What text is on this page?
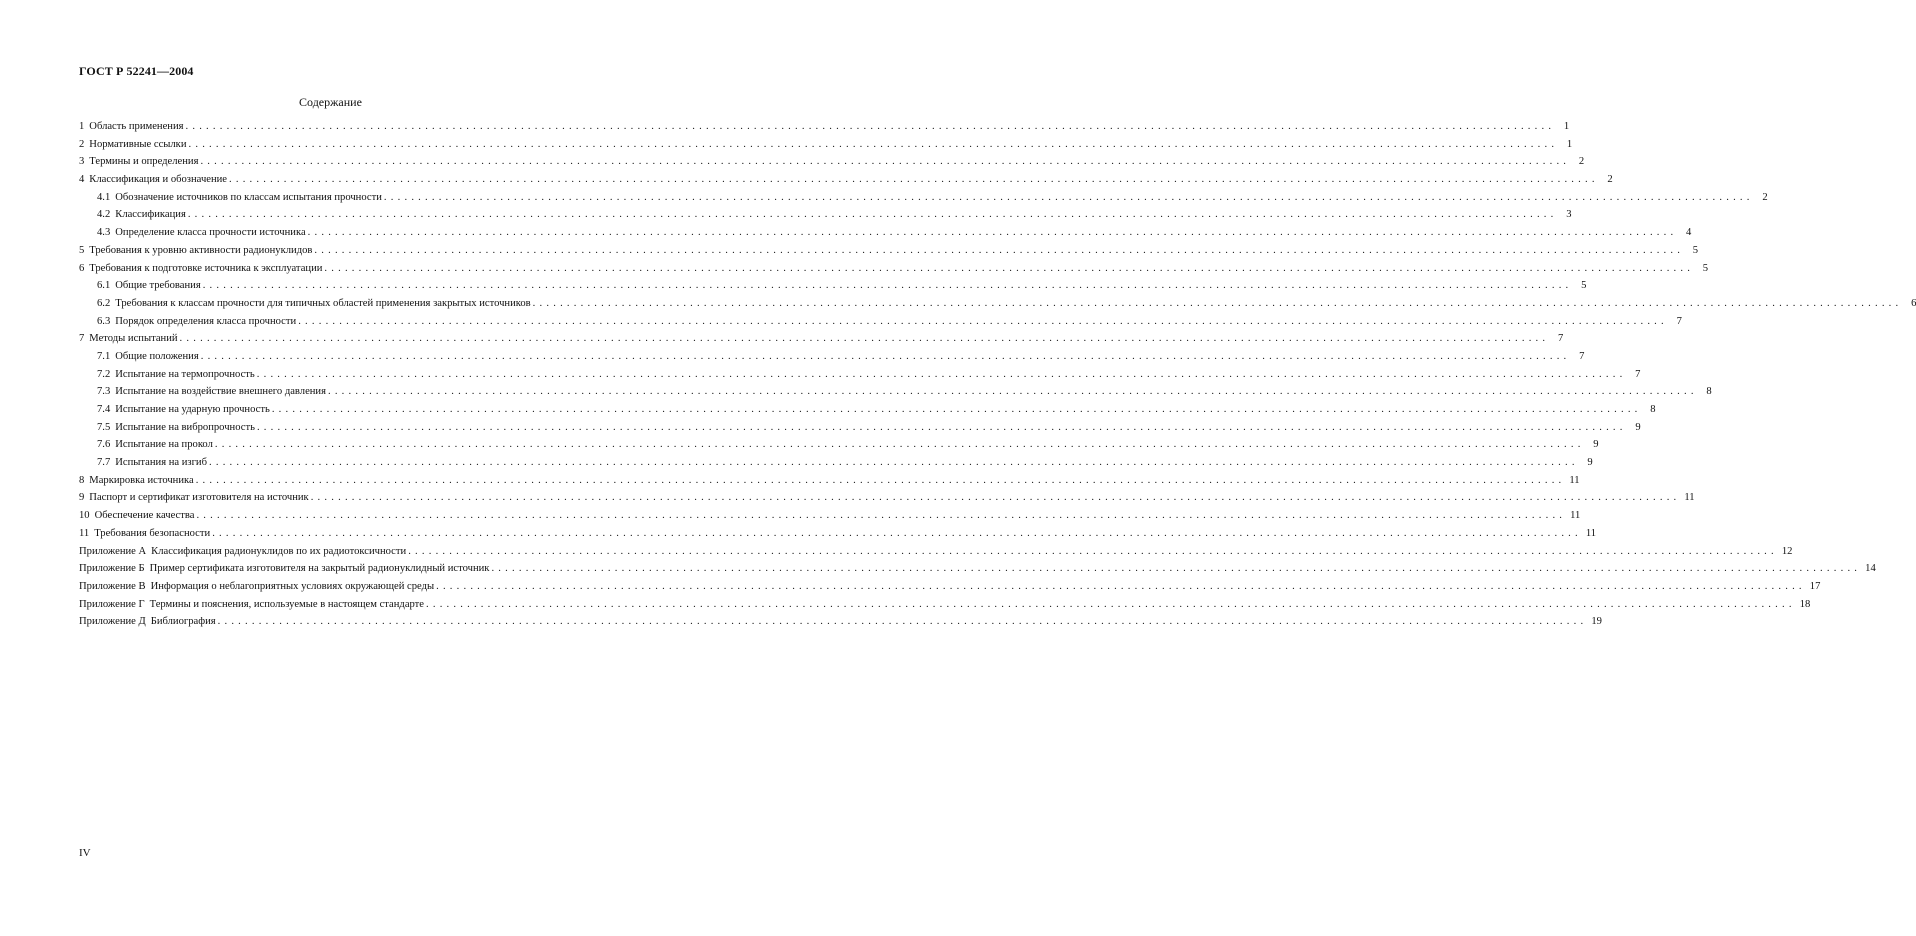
ГОСТ Р 52241—2004
Содержание
1 Область применения ........................................................................................................................................................................................................ 1
2 Нормативные ссылки ........................................................................................................................................................................................................ 1
3 Термины и определения ........................................................................................................................................................................................................ 2
4 Классификация и обозначение ........................................................................................................................................................................................................ 2
4.1 Обозначение источников по классам испытания прочности ........................................................................................................................................................................................................ 2
4.2 Классификация ........................................................................................................................................................................................................ 3
4.3 Определение класса прочности источника ........................................................................................................................................................................................................ 4
5 Требования к уровню активности радионуклидов ........................................................................................................................................................................................................ 5
6 Требования к подготовке источника к эксплуатации ........................................................................................................................................................................................................ 5
6.1 Общие требования ........................................................................................................................................................................................................ 5
6.2 Требования к классам прочности для типичных областей применения закрытых источников ........................................................................................................................................................................................................ 6
6.3 Порядок определения класса прочности ........................................................................................................................................................................................................ 7
7 Методы испытаний ........................................................................................................................................................................................................ 7
7.1 Общие положения ........................................................................................................................................................................................................ 7
7.2 Испытание на термопрочность ........................................................................................................................................................................................................ 7
7.3 Испытание на воздействие внешнего давления ........................................................................................................................................................................................................ 8
7.4 Испытание на ударную прочность ........................................................................................................................................................................................................ 8
7.5 Испытание на вибропрочность ........................................................................................................................................................................................................ 9
7.6 Испытание на прокол ........................................................................................................................................................................................................ 9
7.7 Испытания на изгиб ........................................................................................................................................................................................................ 9
8 Маркировка источника ........................................................................................................................................................................................................ 11
9 Паспорт и сертификат изготовителя на источник ........................................................................................................................................................................................................ 11
10 Обеспечение качества ........................................................................................................................................................................................................ 11
11 Требования безопасности ........................................................................................................................................................................................................ 11
Приложение А Классификация радионуклидов по их радиотоксичности ........................................................................................................................................................................................................ 12
Приложение Б Пример сертификата изготовителя на закрытый радионуклидный источник ........................................................................................................................................................................................................ 14
Приложение В Информация о неблагоприятных условиях окружающей среды ........................................................................................................................................................................................................ 17
Приложение Г Термины и пояснения, используемые в настоящем стандарте ........................................................................................................................................................................................................ 18
Приложение Д Библиография ........................................................................................................................................................................................................ 19
IV
